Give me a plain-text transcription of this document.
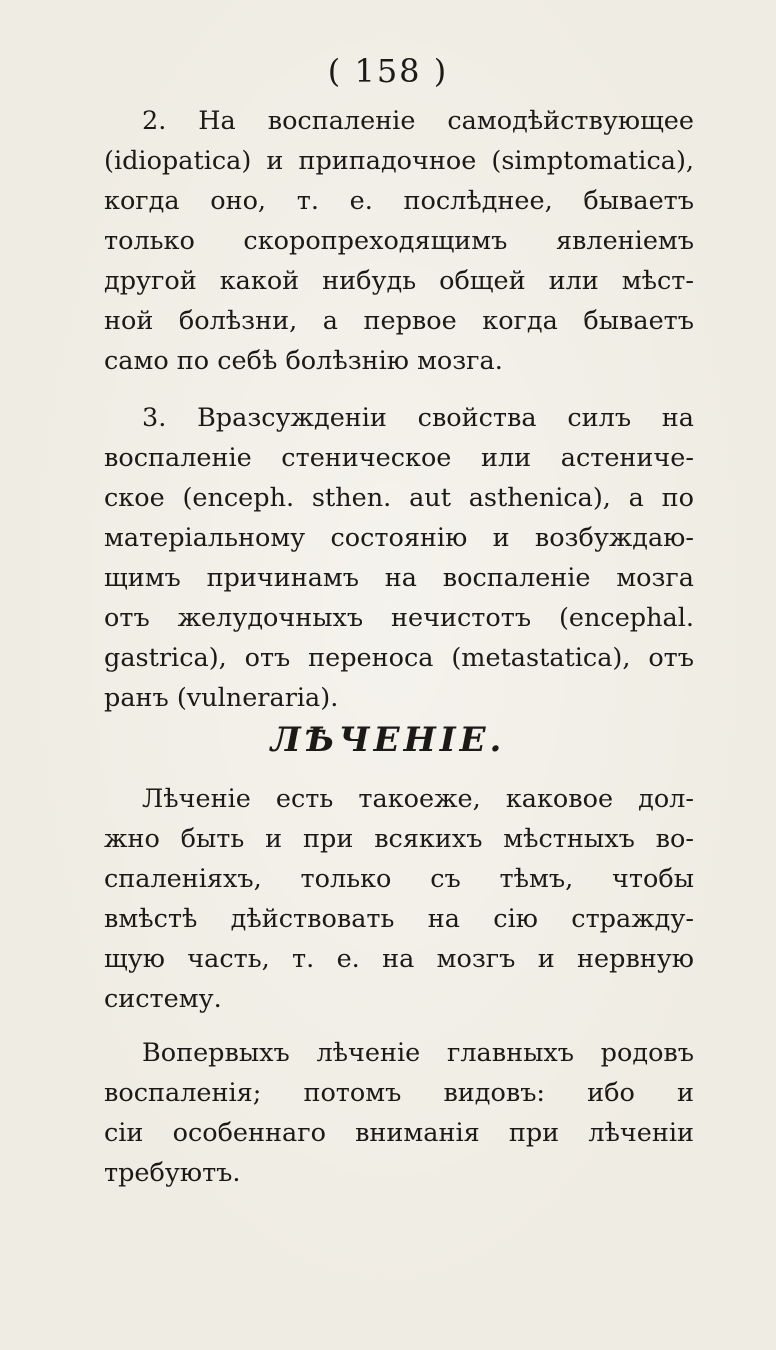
( 158 )
2. На воспаленіе самодѣйствующее
(idiopatica) и припадочное (simptomatica),
когда оно, т. е. послѣднее, бываетъ
только скоропреходящимъ явленіемъ
другой какой нибудь общей или мѣст-
ной болѣзни, а первое когда бываетъ
само по себѣ болѣзнію мозга.
3. Вразсужденіи свойства силъ на
воспаленіе стеническое или астениче-
ское (enceph. sthen. aut asthenica), а по
матеріальному состоянію и возбуждаю-
щимъ причинамъ на воспаленіе мозга
отъ желудочныхъ нечистотъ (encephal.
gastrica), отъ переноса (metastatica), отъ
ранъ (vulneraria).
ЛѢЧЕНІЕ.
Лѣченіе есть такоеже, каковое дол-
жно быть и при всякихъ мѣстныхъ во-
спаленіяхъ, только съ тѣмъ, чтобы
вмѣстѣ дѣйствовать на сію стражду-
щую часть, т. е. на мозгъ и нервную
систему.
Вопервыхъ лѣченіе главныхъ родовъ
воспаленія; потомъ видовъ: ибо и
сіи особеннаго вниманія при лѣченіи
требуютъ.
